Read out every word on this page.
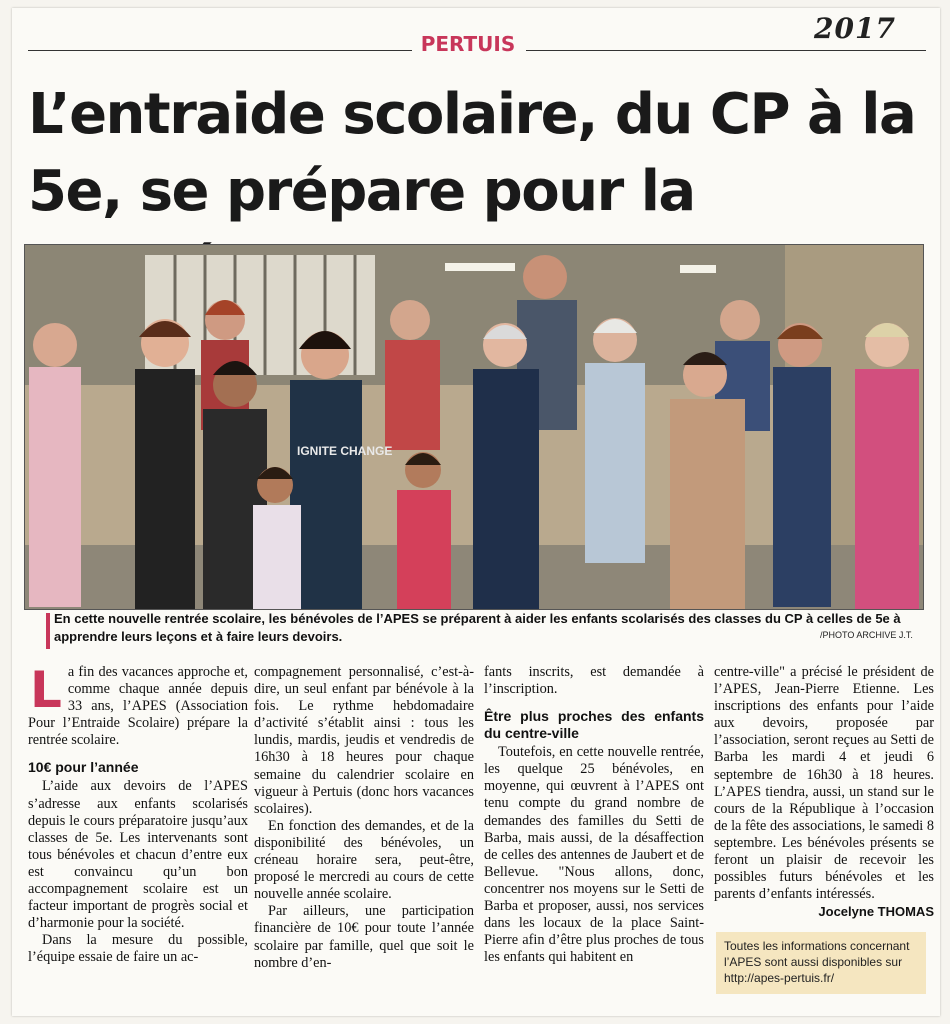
2017
PERTUIS
L’entraide scolaire, du CP à la 5e, se prépare pour la
IGNITE CHANGE
En cette nouvelle rentrée scolaire, les bénévoles de l’APES se préparent à aider les enfants scolarisés des classes du CP à celles de 5e à apprendre leurs leçons et à faire leurs devoirs.	/PHOTO ARCHIVE J.T.

La fin des vacances approche et, comme chaque année depuis 33 ans, l’APES (Association Pour l’Entraide Scolaire) prépare la rentrée scolaire.

10€ pour l’année

L’aide aux devoirs de l’APES s’adresse aux enfants scolarisés depuis le cours préparatoire jusqu’aux classes de 5e. Les intervenants sont tous bénévoles et chacun d’entre eux est convaincu qu’un bon accompagnement scolaire est un facteur important de progrès social et d’harmonie pour la société.

Dans la mesure du possible, l’équipe essaie de faire un ac-

compagnement personnalisé, c’est-à-dire, un seul enfant par bénévole à la fois. Le rythme hebdomadaire d’activité s’établit ainsi : tous les lundis, mardis, jeudis et vendredis de 16h30 à 18 heures pour chaque semaine du calendrier scolaire en vigueur à Pertuis (donc hors vacances scolaires).

En fonction des demandes, et de la disponibilité des bénévoles, un créneau horaire sera, peut-être, proposé le mercredi au cours de cette nouvelle année scolaire.

Par ailleurs, une participation financière de 10€ pour toute l’année scolaire par famille, quel que soit le nombre d’en-

fants inscrits, est demandée à l’inscription.

Être plus proches des enfants du centre-ville

Toutefois, en cette nouvelle rentrée, les quelque 25 bénévoles, en moyenne, qui œuvrent à l’APES ont tenu compte du grand nombre de demandes des familles du Setti de Barba, mais aussi, de la désaffection de celles des antennes de Jaubert et de Bellevue. "Nous allons, donc, concentrer nos moyens sur le Setti de Barba et proposer, aussi, nos services dans les locaux de la place Saint-Pierre afin d’être plus proches de tous les enfants qui habitent en

centre-ville" a précisé le président de l’APES, Jean-Pierre Etienne. Les inscriptions des enfants pour l’aide aux devoirs, proposée par l’association, seront reçues au Setti de Barba les mardi 4 et jeudi 6 septembre de 16h30 à 18 heures. L’APES tiendra, aussi, un stand sur le cours de la République à l’occasion de la fête des associations, le samedi 8 septembre. Les bénévoles présents se feront un plaisir de recevoir les possibles futurs bénévoles et les parents d’enfants intéressés.

Jocelyne THOMAS
Toutes les informations concernant l’APES sont aussi disponibles sur http://apes-pertuis.fr/
